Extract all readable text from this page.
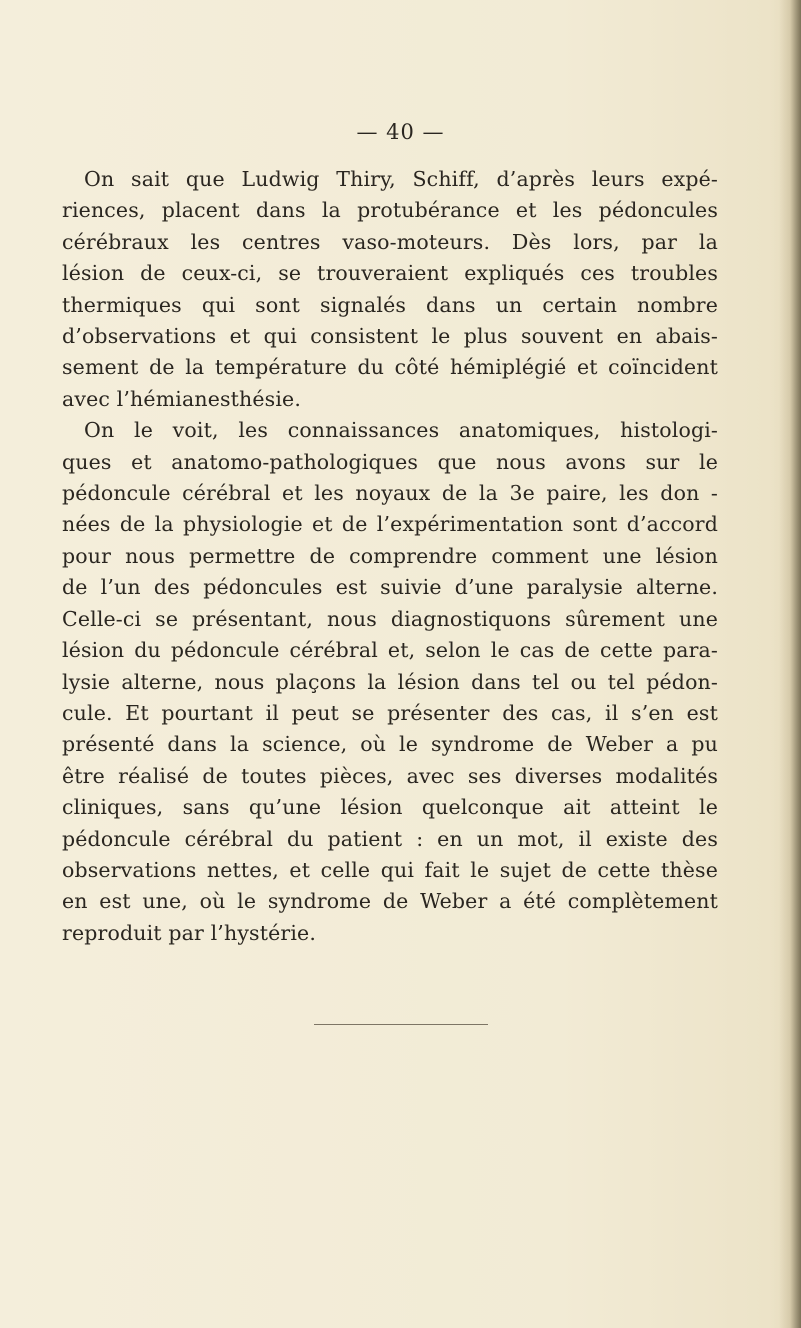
— 40 —
On sait que Ludwig Thiry, Schiff, d’après leurs expé-
riences, placent dans la protubérance et les pédoncules
cérébraux les centres vaso-moteurs. Dès lors, par la
lésion de ceux-ci, se trouveraient expliqués ces troubles
thermiques qui sont signalés dans un certain nombre
d’observations et qui consistent le plus souvent en abais-
sement de la température du côté hémiplégié et coïncident
avec l’hémianesthésie.
On le voit, les connaissances anatomiques, histologi-
ques et anatomo-pathologiques que nous avons sur le
pédoncule cérébral et les noyaux de la 3e paire, les don -
nées de la physiologie et de l’expérimentation sont d’accord
pour nous permettre de comprendre comment une lésion
de l’un des pédoncules est suivie d’une paralysie alterne.
Celle-ci se présentant, nous diagnostiquons sûrement une
lésion du pédoncule cérébral et, selon le cas de cette para-
lysie alterne, nous plaçons la lésion dans tel ou tel pédon-
cule. Et pourtant il peut se présenter des cas, il s’en est
présenté dans la science, où le syndrome de Weber a pu
être réalisé de toutes pièces, avec ses diverses modalités
cliniques, sans qu’une lésion quelconque ait atteint le
pédoncule cérébral du patient : en un mot, il existe des
observations nettes, et celle qui fait le sujet de cette thèse
en est une, où le syndrome de Weber a été complètement
reproduit par l’hystérie.
